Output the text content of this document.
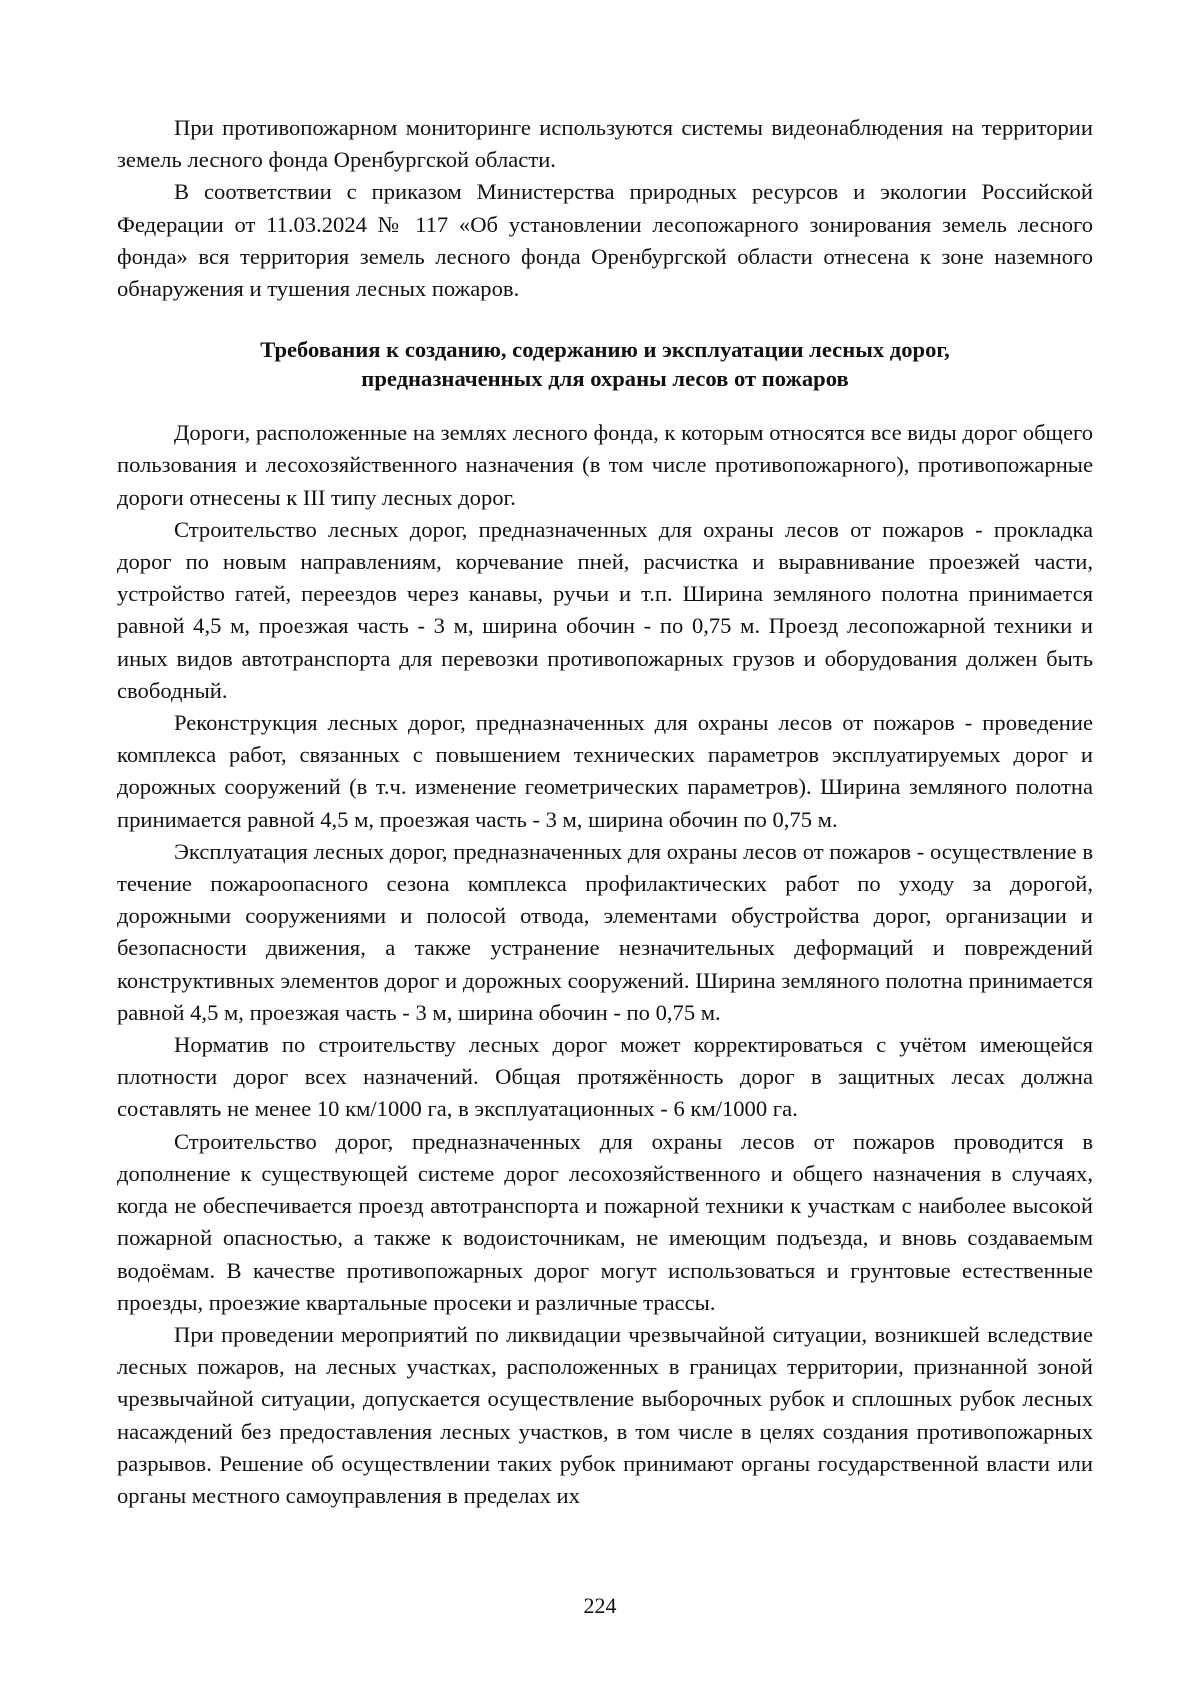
При противопожарном мониторинге используются системы видеонаблюдения на территории земель лесного фонда Оренбургской области.

В соответствии с приказом Министерства природных ресурсов и экологии Российской Федерации от 11.03.2024 № 117 «Об установлении лесопожарного зонирования земель лесного фонда» вся территория земель лесного фонда Оренбургской области отнесена к зоне наземного обнаружения и тушения лесных пожаров.

Требования к созданию, содержанию и эксплуатации лесных дорог,
предназначенных для охраны лесов от пожаров

Дороги, расположенные на землях лесного фонда, к которым относятся все виды дорог общего пользования и лесохозяйственного назначения (в том числе противопожарного), противопожарные дороги отнесены к III типу лесных дорог.

Строительство лесных дорог, предназначенных для охраны лесов от пожаров - прокладка дорог по новым направлениям, корчевание пней, расчистка и выравнивание проезжей части, устройство гатей, переездов через канавы, ручьи и т.п. Ширина земляного полотна принимается равной 4,5 м, проезжая часть - 3 м, ширина обочин - по 0,75 м. Проезд лесопожарной техники и иных видов автотранспорта для перевозки противопожарных грузов и оборудования должен быть свободный.

Реконструкция лесных дорог, предназначенных для охраны лесов от пожаров - проведение комплекса работ, связанных с повышением технических параметров эксплуатируемых дорог и дорожных сооружений (в т.ч. изменение геометрических параметров). Ширина земляного полотна принимается равной 4,5 м, проезжая часть - 3 м, ширина обочин по 0,75 м.

Эксплуатация лесных дорог, предназначенных для охраны лесов от пожаров - осуществление в течение пожароопасного сезона комплекса профилактических работ по уходу за дорогой, дорожными сооружениями и полосой отвода, элементами обустройства дорог, организации и безопасности движения, а также устранение незначительных деформаций и повреждений конструктивных элементов дорог и дорожных сооружений. Ширина земляного полотна принимается равной 4,5 м, проезжая часть - 3 м, ширина обочин - по 0,75 м.

Норматив по строительству лесных дорог может корректироваться с учётом имеющейся плотности дорог всех назначений. Общая протяжённость дорог в защитных лесах должна составлять не менее 10 км/1000 га, в эксплуатационных - 6 км/1000 га.

Строительство дорог, предназначенных для охраны лесов от пожаров проводится в дополнение к существующей системе дорог лесохозяйственного и общего назначения в случаях, когда не обеспечивается проезд автотранспорта и пожарной техники к участкам с наиболее высокой пожарной опасностью, а также к водоисточникам, не имеющим подъезда, и вновь создаваемым водоёмам. В качестве противопожарных дорог могут использоваться и грунтовые естественные проезды, проезжие квартальные просеки и различные трассы.

При проведении мероприятий по ликвидации чрезвычайной ситуации, возникшей вследствие лесных пожаров, на лесных участках, расположенных в границах территории, признанной зоной чрезвычайной ситуации, допускается осуществление выборочных рубок и сплошных рубок лесных насаждений без предоставления лесных участков, в том числе в целях создания противопожарных разрывов. Решение об осуществлении таких рубок принимают органы государственной власти или органы местного самоуправления в пределах их

224
